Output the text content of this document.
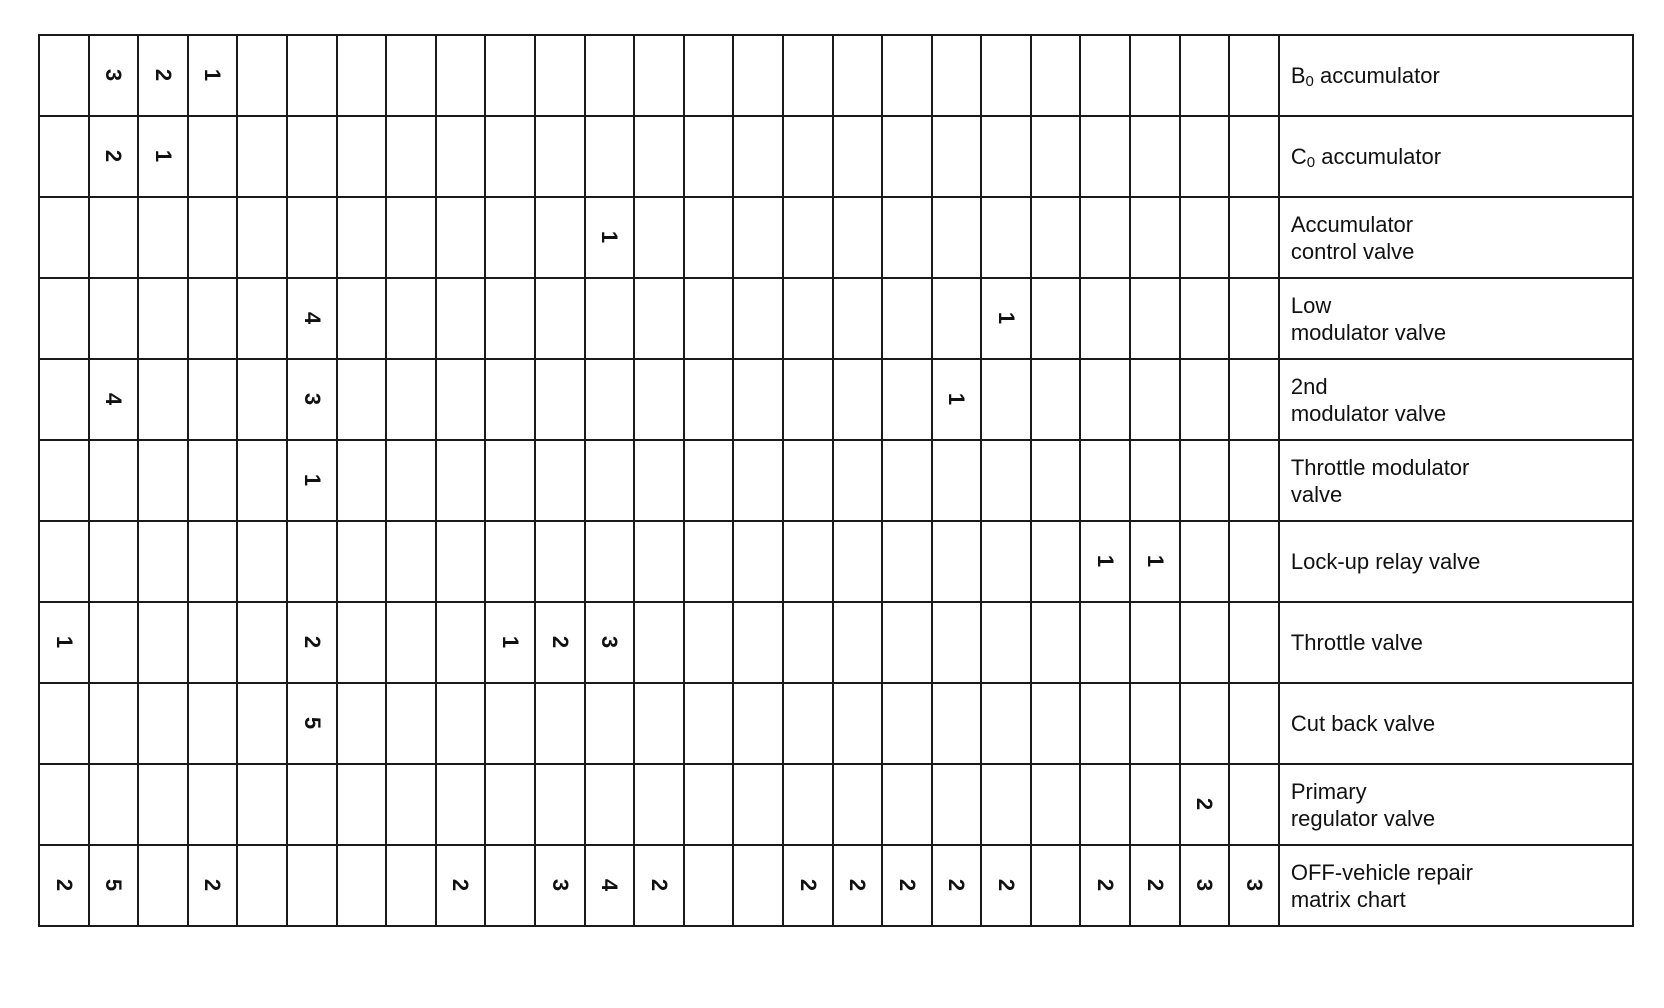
	3	2	1																						$B_0$ accumulator

	2	1																							$C_0$ accumulator

											1														Accumulator
control valve

					4														1						Low
modulator valve

	4				3													1							2nd
modulator valve

					1																				Throttle modulator
valve

																					1	1			Lock-up relay valve

1					2				1	2	3														Throttle valve

					5																				Cut back valve

																							2		Primary
regulator valve

2	5		2					2		3	4	2			2	2	2	2	2		2	2	3	3	OFF-vehicle repair
matrix chart
